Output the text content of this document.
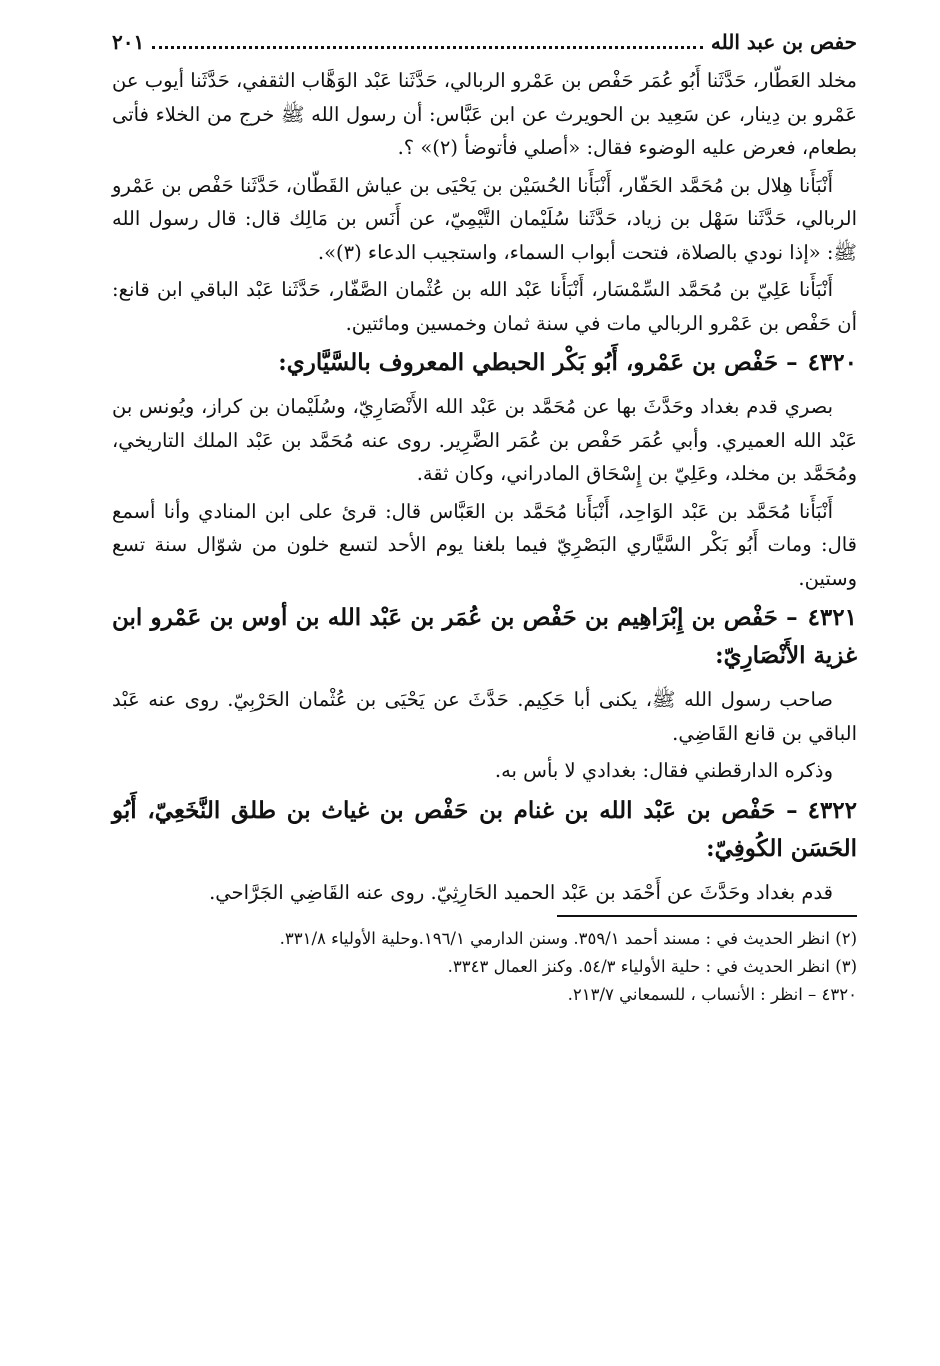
حفص بن عبد الله
٢٠١

مخلد العَطّار، حَدَّثَنا أَبُو عُمَر حَفْص بن عَمْرو الربالي، حَدَّثَنا عَبْد الوَهَّاب الثقفي، حَدَّثَنا أيوب عن عَمْرو بن دِينار، عن سَعِيد بن الحويرث عن ابن عَبَّاس: أن رسول الله ﷺ خرج من الخلاء فأتى بطعام، فعرض عليه الوضوء فقال: «أصلي فأتوضأ (٢)» ؟.

أَنْبَأَنا هِلال بن مُحَمَّد الحَفّار، أَنْبَأَنا الحُسَيْن بن يَحْيَى بن عياش القَطّان، حَدَّثَنا حَفْص بن عَمْرو الربالي، حَدَّثَنا سَهْل بن زياد، حَدَّثَنا سُلَيْمان التَّيْمِيّ، عن أَنَس بن مَالِك قال: قال رسول الله ﷺ: «إذا نودي بالصلاة، فتحت أبواب السماء، واستجيب الدعاء (٣)».

أَنْبَأَنا عَلِيّ بن مُحَمَّد السِّمْسَار، أَنْبَأَنا عَبْد الله بن عُثْمان الصَّفّار، حَدَّثَنا عَبْد الباقي ابن قانع: أن حَفْص بن عَمْرو الربالي مات في سنة ثمان وخمسين ومائتين.

٤٣٢٠– حَفْص بن عَمْرو، أَبُو بَكْر الحبطي المعروف بالسَّيَّاري:

بصري قدم بغداد وحَدَّثَ بها عن مُحَمَّد بن عَبْد الله الأَنْصَارِيّ، وسُلَيْمان بن كراز، ويُونس بن عَبْد الله العميري. وأبي عُمَر حَفْص بن عُمَر الضَّرِير. روى عنه مُحَمَّد بن عَبْد الملك التاريخي، ومُحَمَّد بن مخلد، وعَلِيّ بن إِسْحَاق المادراني، وكان ثقة.

أَنْبَأَنا مُحَمَّد بن عَبْد الوَاحِد، أَنْبَأَنا مُحَمَّد بن العَبَّاس قال: قرئ على ابن المنادي وأنا أسمع قال: ومات أَبُو بَكْر السَّيَّاري البَصْرِيّ فيما بلغنا يوم الأحد لتسع خلون من شوّال سنة تسع وستين.

٤٣٢١– حَفْص بن إِبْرَاهِيم بن حَفْص بن عُمَر بن عَبْد الله بن أوس بن عَمْرو ابن غزية الأَنْصَارِيّ:

صاحب رسول الله ﷺ، يكنى أبا حَكِيم. حَدَّثَ عن يَحْيَى بن عُثْمان الحَرْبِيّ. روى عنه عَبْد الباقي بن قانع القَاضِي.

وذكره الدارقطني فقال: بغدادي لا بأس به.

٤٣٢٢– حَفْص بن عَبْد الله بن غنام بن حَفْص بن غياث بن طلق النَّخَعِيّ، أَبُو الحَسَن الكُوفِيّ:

قدم بغداد وحَدَّثَ عن أَحْمَد بن عَبْد الحميد الحَارِثِيّ. روى عنه القَاضِي الجَرَّاحي.

(٢) انظر الحديث في : مسند أحمد ٣٥٩/١. وسنن الدارمي ١٩٦/١.وحلية الأولياء ٣٣١/٨.

(٣) انظر الحديث في : حلية الأولياء ٥٤/٣. وكنز العمال ٣٣٤٣.

٤٣٢٠ – انظر : الأنساب ، للسمعاني ٢١٣/٧.
